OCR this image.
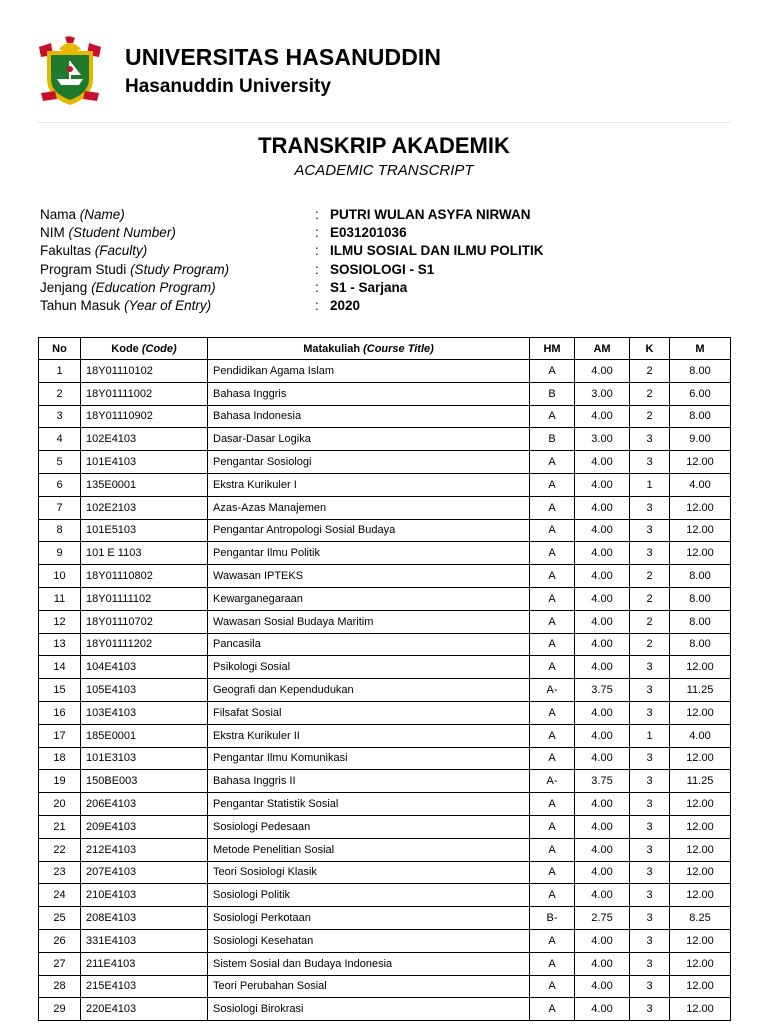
UNIVERSITAS HASANUDDIN
Hasanuddin University
TRANSKRIP AKADEMIK
ACADEMIC TRANSCRIPT
Nama (Name)	: PUTRI WULAN ASYFA NIRWAN
NIM (Student Number)	: E031201036
Fakultas (Faculty)	: ILMU SOSIAL DAN ILMU POLITIK
Program Studi (Study Program)	: SOSIOLOGI - S1
Jenjang (Education Program)	: S1 - Sarjana
Tahun Masuk (Year of Entry)	: 2020
No	Kode (Code)	Matakuliah (Course Title)	HM	AM	K	M
1	18Y01110102	Pendidikan Agama Islam	A	4.00	2	8.00
2	18Y01111002	Bahasa Inggris	B	3.00	2	6.00
3	18Y01110902	Bahasa Indonesia	A	4.00	2	8.00
4	102E4103	Dasar-Dasar Logika	B	3.00	3	9.00
5	101E4103	Pengantar Sosiologi	A	4.00	3	12.00
6	135E0001	Ekstra Kurikuler I	A	4.00	1	4.00
7	102E2103	Azas-Azas Manajemen	A	4.00	3	12.00
8	101E5103	Pengantar Antropologi Sosial Budaya	A	4.00	3	12.00
9	101 E 1103	Pengantar Ilmu Politik	A	4.00	3	12.00
10	18Y01110802	Wawasan IPTEKS	A	4.00	2	8.00
11	18Y01111102	Kewarganegaraan	A	4.00	2	8.00
12	18Y01110702	Wawasan Sosial Budaya Maritim	A	4.00	2	8.00
13	18Y01111202	Pancasila	A	4.00	2	8.00
14	104E4103	Psikologi Sosial	A	4.00	3	12.00
15	105E4103	Geografi dan Kependudukan	A-	3.75	3	11.25
16	103E4103	Filsafat Sosial	A	4.00	3	12.00
17	185E0001	Ekstra Kurikuler II	A	4.00	1	4.00
18	101E3103	Pengantar Ilmu Komunikasi	A	4.00	3	12.00
19	150BE003	Bahasa Inggris II	A-	3.75	3	11.25
20	206E4103	Pengantar Statistik Sosial	A	4.00	3	12.00
21	209E4103	Sosiologi Pedesaan	A	4.00	3	12.00
22	212E4103	Metode Penelitian Sosial	A	4.00	3	12.00
23	207E4103	Teori Sosiologi Klasik	A	4.00	3	12.00
24	210E4103	Sosiologi Politik	A	4.00	3	12.00
25	208E4103	Sosiologi Perkotaan	B-	2.75	3	8.25
26	331E4103	Sosiologi Kesehatan	A	4.00	3	12.00
27	211E4103	Sistem Sosial dan Budaya Indonesia	A	4.00	3	12.00
28	215E4103	Teori Perubahan Sosial	A	4.00	3	12.00
29	220E4103	Sosiologi Birokrasi	A	4.00	3	12.00
